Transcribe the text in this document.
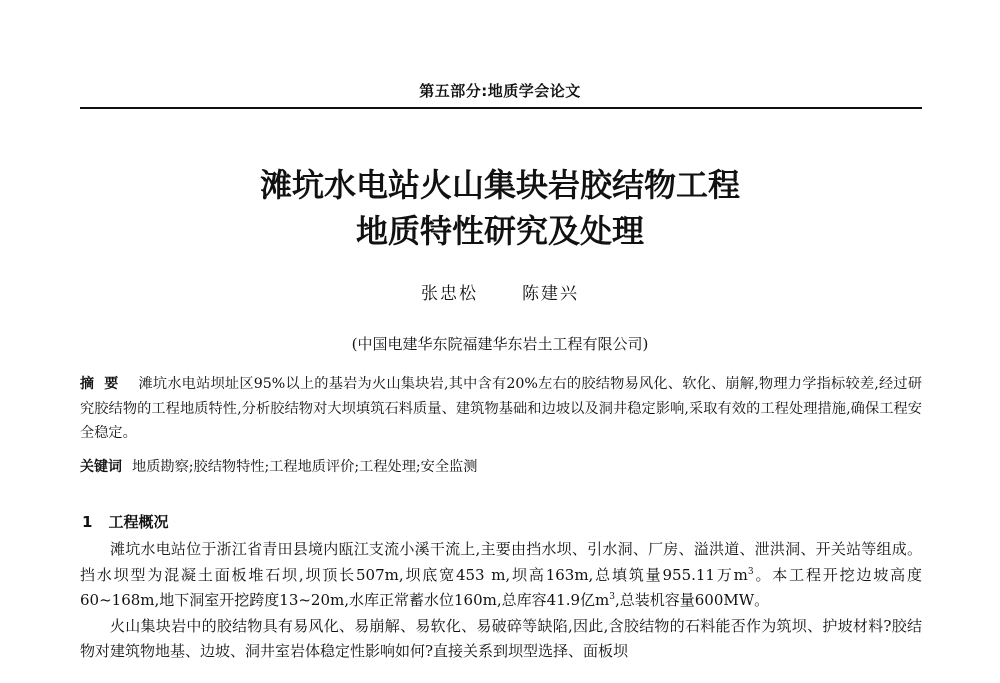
第五部分:地质学会论文
滩坑水电站火山集块岩胶结物工程
地质特性研究及处理
张忠松	陈建兴
(中国电建华东院福建华东岩土工程有限公司)
摘要 滩坑水电站坝址区95%以上的基岩为火山集块岩,其中含有20%左右的胶结物易风化、软化、崩解,物理力学指标较差,经过研究胶结物的工程地质特性,分析胶结物对大坝填筑石料质量、建筑物基础和边坡以及洞井稳定影响,采取有效的工程处理措施,确保工程安全稳定。
关键词 地质勘察;胶结物特性;工程地质评价;工程处理;安全监测
1 工程概况

滩坑水电站位于浙江省青田县境内瓯江支流小溪干流上,主要由挡水坝、引水洞、厂房、溢洪道、泄洪洞、开关站等组成。挡水坝型为混凝土面板堆石坝,坝顶长507m,坝底宽453 m,坝高163m,总填筑量955.11万$m^3$。本工程开挖边坡高度60~168m,地下洞室开挖跨度13~20m,水库正常蓄水位160m,总库容41.9亿$m^3$,总装机容量600MW。

火山集块岩中的胶结物具有易风化、易崩解、易软化、易破碎等缺陷,因此,含胶结物的石料能否作为筑坝、护坡材料?胶结物对建筑物地基、边坡、洞井室岩体稳定性影响如何?直接关系到坝型选择、面板坝
